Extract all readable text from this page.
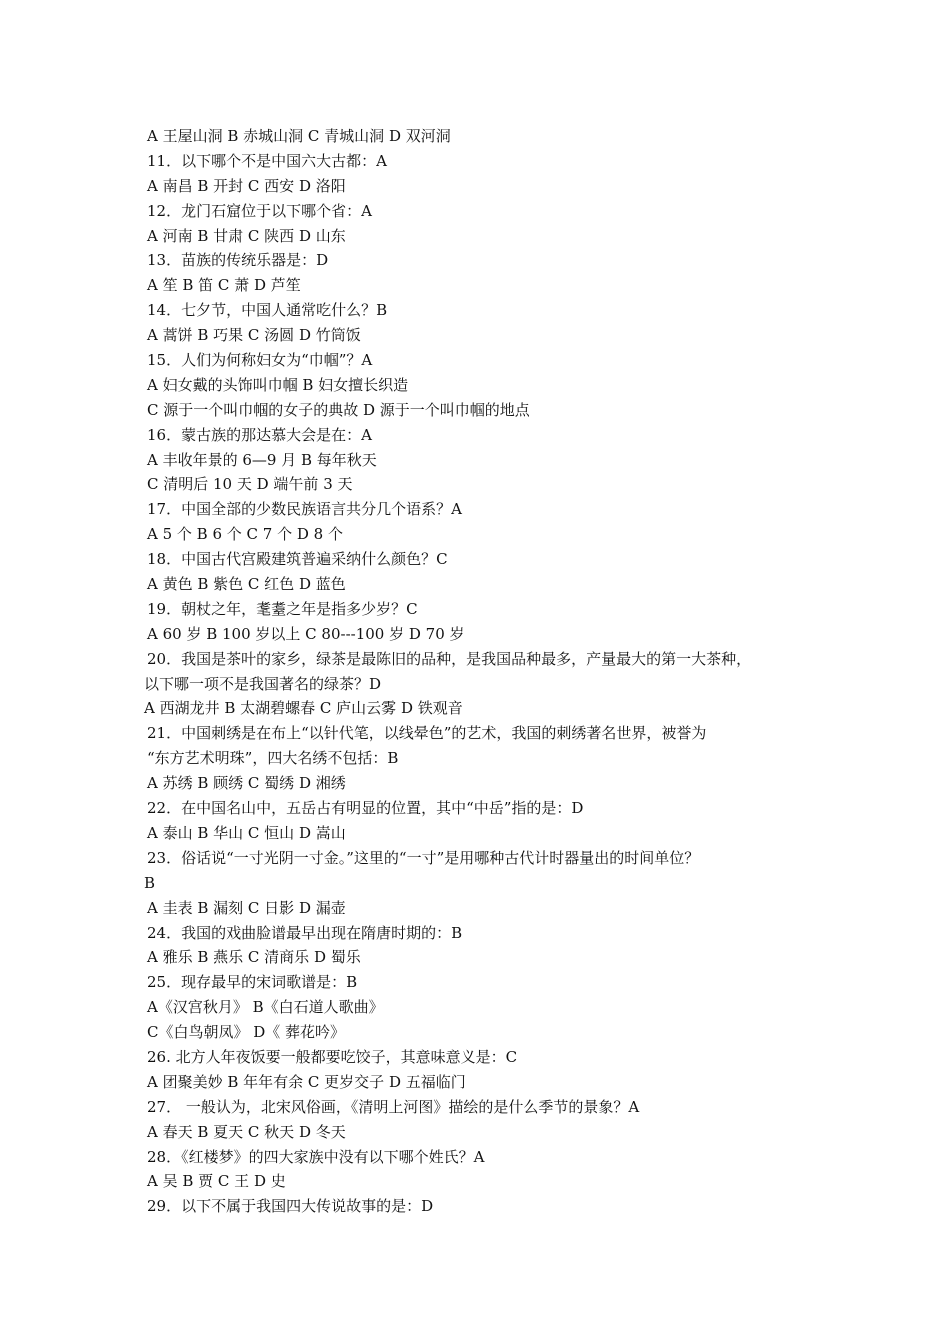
A 王屋山洞 B 赤城山洞 C 青城山洞 D 双河洞
11．以下哪个不是中国六大古都：A
A 南昌 B 开封 C 西安 D 洛阳
12．龙门石窟位于以下哪个省：A
A 河南 B 甘肃 C 陕西 D 山东
13．苗族的传统乐器是：D
A 笙 B 笛 C 萧 D 芦笙
14．七夕节，中国人通常吃什么？B
A 蒿饼 B 巧果 C 汤圆 D 竹筒饭
15．人们为何称妇女为“巾帼”？A
A 妇女戴的头饰叫巾帼 B 妇女擅长织造
C 源于一个叫巾帼的女子的典故 D 源于一个叫巾帼的地点
16．蒙古族的那达慕大会是在：A
A 丰收年景的 6—9 月 B 每年秋天
C 清明后 10 天 D 端午前 3 天
17．中国全部的少数民族语言共分几个语系？A
A 5 个 B 6 个 C 7 个 D 8 个
18．中国古代宫殿建筑普遍采纳什么颜色？C
A 黄色 B 紫色 C 红色 D 蓝色
19．朝杖之年，耄耋之年是指多少岁？C
A 60 岁 B 100 岁以上 C 80---100 岁 D 70 岁
20．我国是茶叶的家乡，绿茶是最陈旧的品种，是我国品种最多，产量最大的第一大茶种，
以下哪一项不是我国著名的绿茶？D
A 西湖龙井 B 太湖碧螺春 C 庐山云雾 D 铁观音
21．中国刺绣是在布上“以针代笔，以线晕色”的艺术，我国的刺绣著名世界，被誉为
“东方艺术明珠”，四大名绣不包括：B
A 苏绣 B 顾绣 C 蜀绣 D 湘绣
22．在中国名山中，五岳占有明显的位置，其中“中岳”指的是：D
A 泰山 B 华山 C 恒山 D 嵩山
23．俗话说“一寸光阴一寸金。”这里的“一寸”是用哪种古代计时器量出的时间单位？
B
A 圭表 B 漏刻 C 日影 D 漏壶
24．我国的戏曲脸谱最早出现在隋唐时期的：B
A 雅乐 B 燕乐 C 清商乐 D 蜀乐
25．现存最早的宋词歌谱是：B
A《汉宫秋月》 B《白石道人歌曲》
C《白鸟朝凤》 D《 葬花吟》
26. 北方人年夜饭要一般都要吃饺子，其意味意义是：C
A 团聚美妙 B 年年有余 C 更岁交子 D 五福临门
27． 一般认为，北宋风俗画，《清明上河图》描绘的是什么季节的景象？A
A 春天 B 夏天 C 秋天 D 冬天
28．《红楼梦》的四大家族中没有以下哪个姓氏？A
A 吴 B 贾 C 王 D 史
29．以下不属于我国四大传说故事的是：D
